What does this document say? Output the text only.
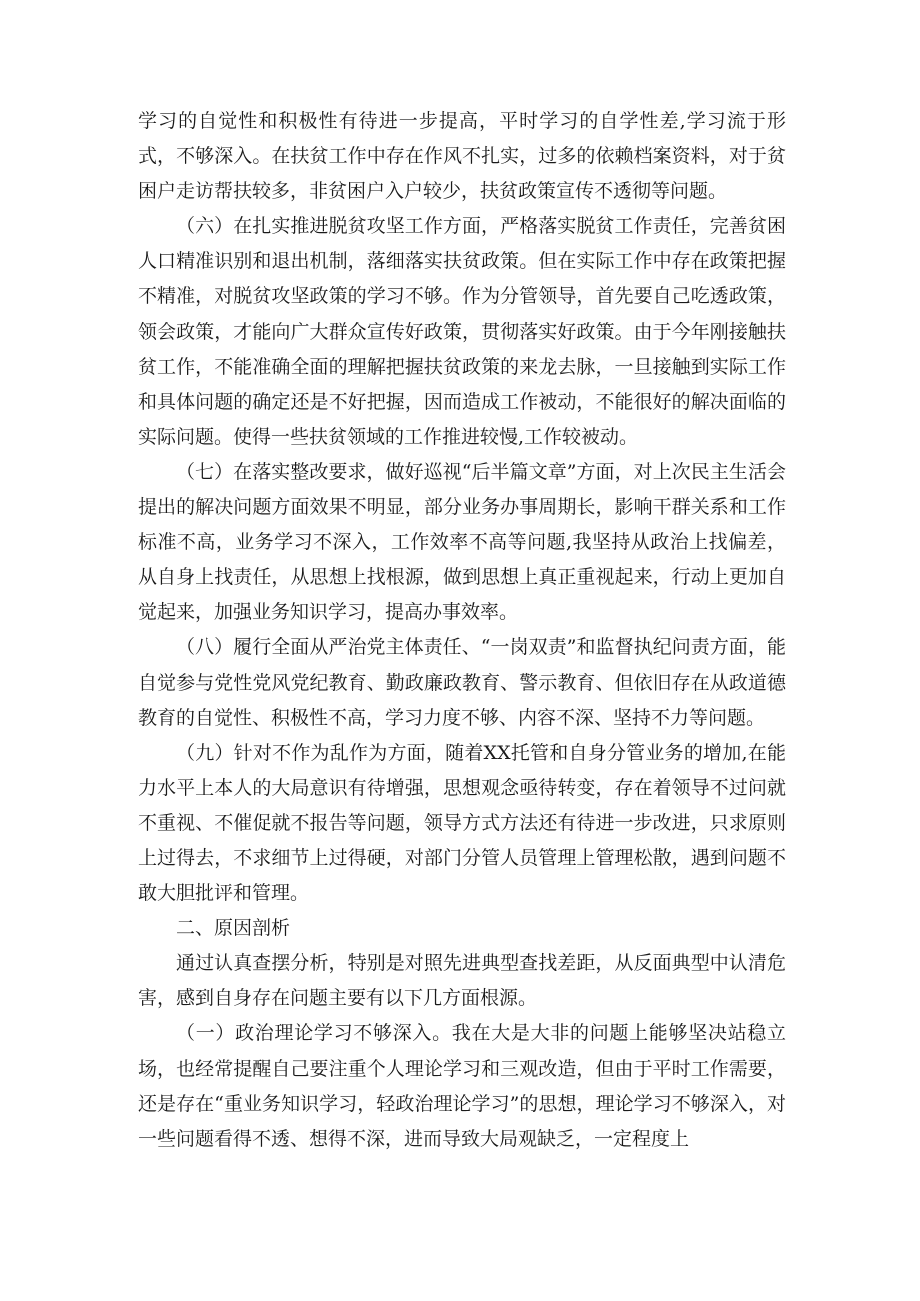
学习的自觉性和积极性有待进一步提高，平时学习的自学性差,学习流于形式，不够深入。在扶贫工作中存在作风不扎实，过多的依赖档案资料，对于贫困户走访帮扶较多，非贫困户入户较少，扶贫政策宣传不透彻等问题。

（六）在扎实推进脱贫攻坚工作方面，严格落实脱贫工作责任，完善贫困人口精准识别和退出机制，落细落实扶贫政策。但在实际工作中存在政策把握不精准，对脱贫攻坚政策的学习不够。作为分管领导，首先要自己吃透政策，领会政策，才能向广大群众宣传好政策，贯彻落实好政策。由于今年刚接触扶贫工作，不能准确全面的理解把握扶贫政策的来龙去脉，一旦接触到实际工作和具体问题的确定还是不好把握，因而造成工作被动，不能很好的解决面临的实际问题。使得一些扶贫领域的工作推进较慢,工作较被动。

（七）在落实整改要求，做好巡视“后半篇文章”方面，对上次民主生活会提出的解决问题方面效果不明显，部分业务办事周期长，影响干群关系和工作标准不高，业务学习不深入，工作效率不高等问题,我坚持从政治上找偏差，从自身上找责任，从思想上找根源，做到思想上真正重视起来，行动上更加自觉起来，加强业务知识学习，提高办事效率。

（八）履行全面从严治党主体责任、“一岗双责”和监督执纪问责方面，能自觉参与党性党风党纪教育、勤政廉政教育、警示教育、但依旧存在从政道德教育的自觉性、积极性不高，学习力度不够、内容不深、坚持不力等问题。

（九）针对不作为乱作为方面，随着XX托管和自身分管业务的增加,在能力水平上本人的大局意识有待增强，思想观念亟待转变，存在着领导不过问就不重视、不催促就不报告等问题，领导方式方法还有待进一步改进，只求原则上过得去，不求细节上过得硬，对部门分管人员管理上管理松散，遇到问题不敢大胆批评和管理。

二、原因剖析

通过认真查摆分析，特别是对照先进典型查找差距，从反面典型中认清危害，感到自身存在问题主要有以下几方面根源。

（一）政治理论学习不够深入。我在大是大非的问题上能够坚决站稳立场，也经常提醒自己要注重个人理论学习和三观改造，但由于平时工作需要，还是存在“重业务知识学习，轻政治理论学习”的思想，理论学习不够深入，对一些问题看得不透、想得不深，进而导致大局观缺乏，一定程度上
